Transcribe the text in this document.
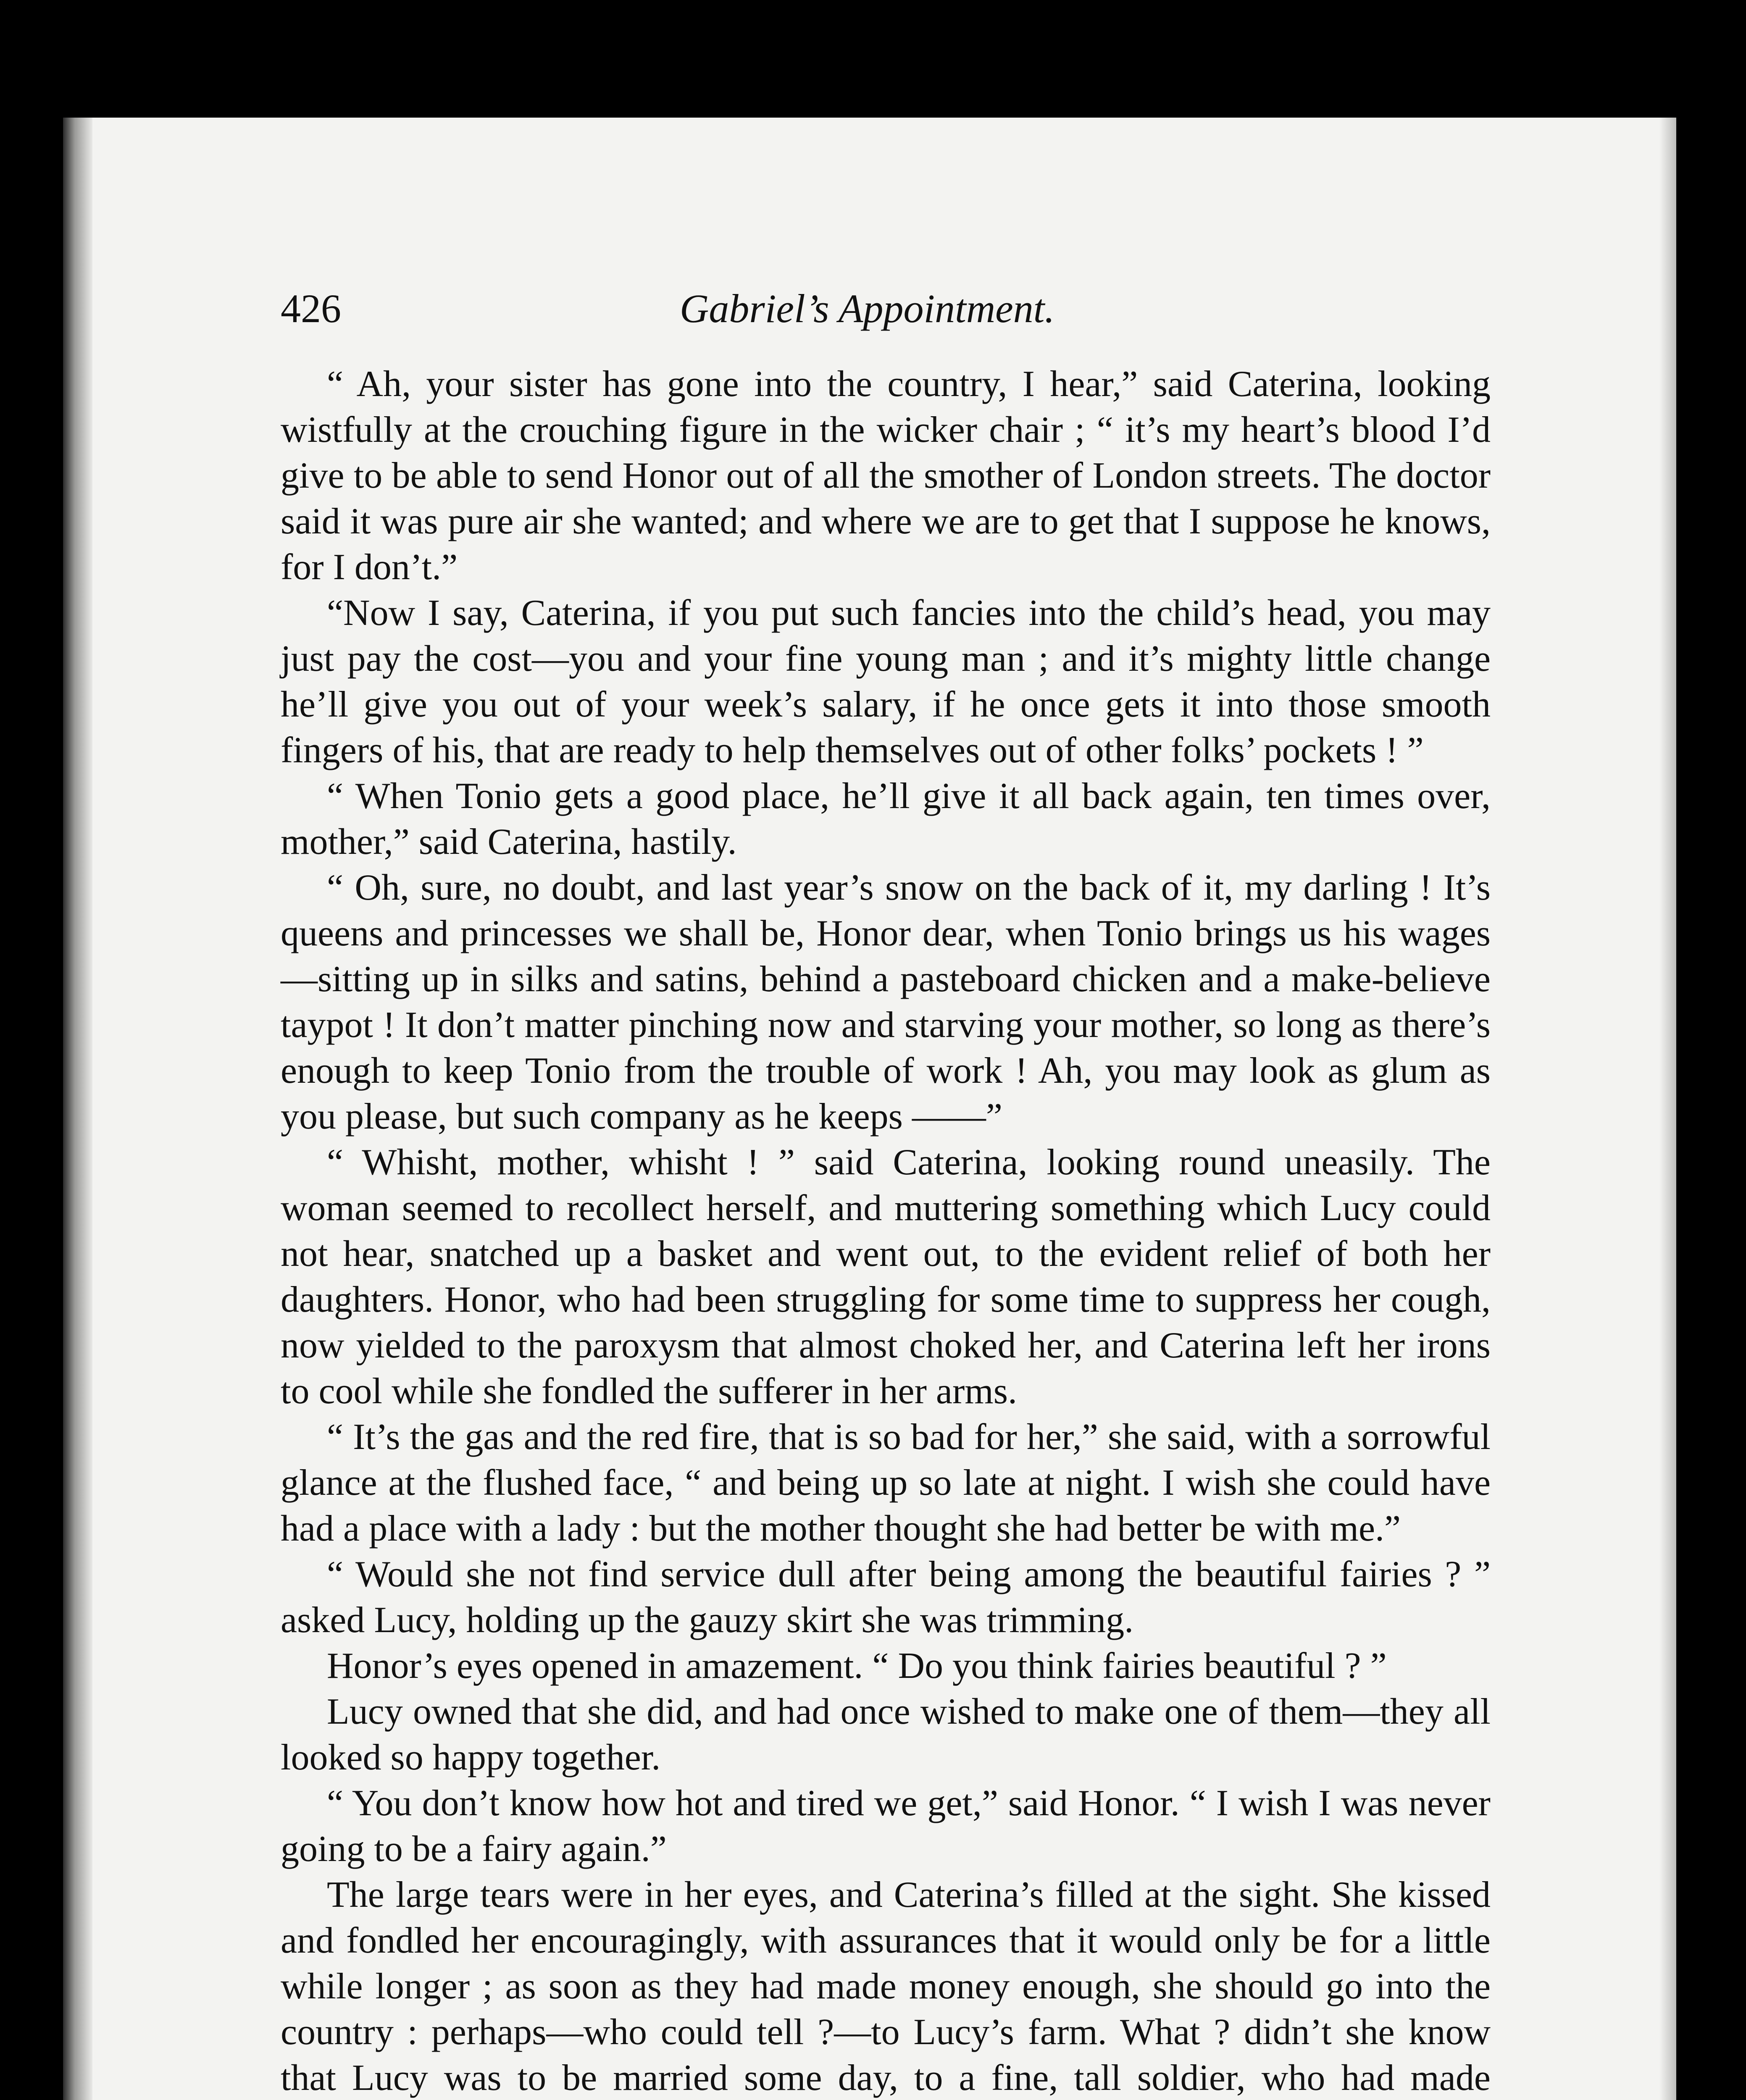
426	Gabriel’s Appointment.

“ Ah, your sister has gone into the country, I hear,” said Caterina, looking wistfully at the crouching figure in the wicker chair ; “ it’s my heart’s blood I’d give to be able to send Honor out of all the smother of London streets. The doctor said it was pure air she wanted; and where we are to get that I suppose he knows, for I don’t.”

“Now I say, Caterina, if you put such fancies into the child’s head, you may just pay the cost—you and your fine young man ; and it’s mighty little change he’ll give you out of your week’s salary, if he once gets it into those smooth fingers of his, that are ready to help themselves out of other folks’ pockets ! ”

“ When Tonio gets a good place, he’ll give it all back again, ten times over, mother,” said Caterina, hastily.

“ Oh, sure, no doubt, and last year’s snow on the back of it, my darling ! It’s queens and princesses we shall be, Honor dear, when Tonio brings us his wages—sitting up in silks and satins, behind a pasteboard chicken and a make-believe taypot ! It don’t matter pinching now and starving your mother, so long as there’s enough to keep Tonio from the trouble of work ! Ah, you may look as glum as you please, but such company as he keeps ——”

“ Whisht, mother, whisht ! ” said Caterina, looking round uneasily. The woman seemed to recollect herself, and muttering something which Lucy could not hear, snatched up a basket and went out, to the evident relief of both her daughters. Honor, who had been struggling for some time to suppress her cough, now yielded to the paroxysm that almost choked her, and Caterina left her irons to cool while she fondled the sufferer in her arms.

“ It’s the gas and the red fire, that is so bad for her,” she said, with a sorrowful glance at the flushed face, “ and being up so late at night. I wish she could have had a place with a lady : but the mother thought she had better be with me.”

“ Would she not find service dull after being among the beautiful fairies ? ” asked Lucy, holding up the gauzy skirt she was trimming.

Honor’s eyes opened in amazement. “ Do you think fairies beautiful ? ”

Lucy owned that she did, and had once wished to make one of them—they all looked so happy together.

“ You don’t know how hot and tired we get,” said Honor. “ I wish I was never going to be a fairy again.”

The large tears were in her eyes, and Caterina’s filled at the sight. She kissed and fondled her encouragingly, with assurances that it would only be for a little while longer ; as soon as they had made money enough, she should go into the country : perhaps—who could tell ?—to Lucy’s farm. What ? didn’t she know that Lucy was to be married some day, to a fine, tall soldier, who had made
